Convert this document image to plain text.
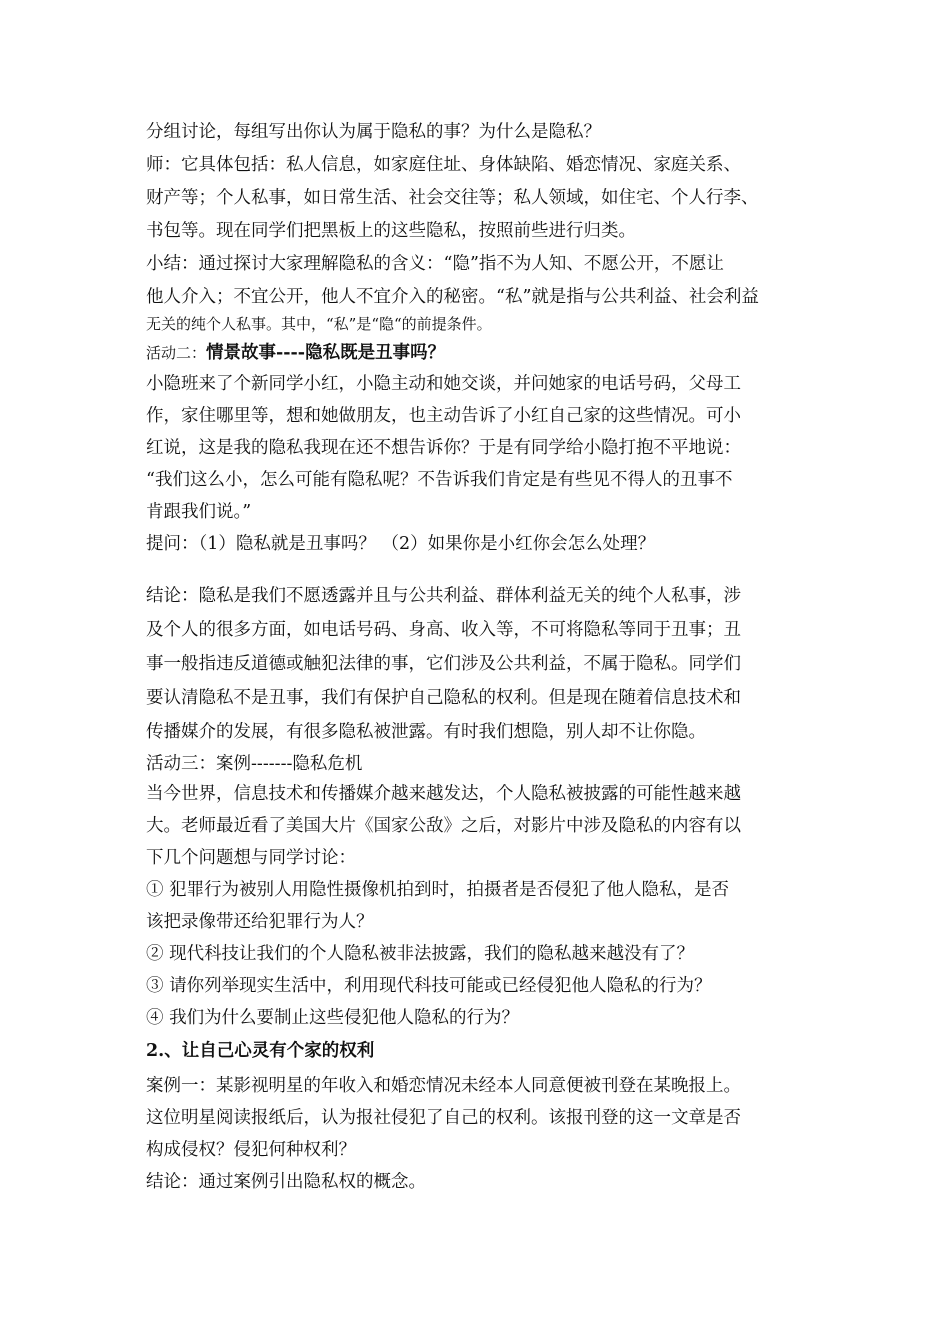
分组讨论，每组写出你认为属于隐私的事？为什么是隐私？
师：它具体包括：私人信息，如家庭住址、身体缺陷、婚恋情况、家庭关系、
财产等；个人私事，如日常生活、社会交往等；私人领域，如住宅、个人行李、
书包等。现在同学们把黑板上的这些隐私，按照前些进行归类。
小结：通过探讨大家理解隐私的含义：“隐”指不为人知、不愿公开，不愿让
他人介入；不宜公开，他人不宜介入的秘密。“私”就是指与公共利益、社会利益
无关的纯个人私事。其中，“私”是“隐“的前提条件。
活动二：情景故事----隐私既是丑事吗？
小隐班来了个新同学小红，小隐主动和她交谈，并问她家的电话号码，父母工
作，家住哪里等，想和她做朋友，也主动告诉了小红自己家的这些情况。可小
红说，这是我的隐私我现在还不想告诉你？于是有同学给小隐打抱不平地说：
“我们这么小，怎么可能有隐私呢？不告诉我们肯定是有些见不得人的丑事不
肯跟我们说。”
提问：（1）隐私就是丑事吗？ （2）如果你是小红你会怎么处理？
结论：隐私是我们不愿透露并且与公共利益、群体利益无关的纯个人私事，涉
及个人的很多方面，如电话号码、身高、收入等，不可将隐私等同于丑事；丑
事一般指违反道德或触犯法律的事，它们涉及公共利益，不属于隐私。同学们
要认清隐私不是丑事，我们有保护自己隐私的权利。但是现在随着信息技术和
传播媒介的发展，有很多隐私被泄露。有时我们想隐，别人却不让你隐。
活动三：案例-------隐私危机
当今世界，信息技术和传播媒介越来越发达，个人隐私被披露的可能性越来越
大。老师最近看了美国大片《国家公敌》之后，对影片中涉及隐私的内容有以
下几个问题想与同学讨论：
① 犯罪行为被别人用隐性摄像机拍到时，拍摄者是否侵犯了他人隐私，是否
该把录像带还给犯罪行为人？
② 现代科技让我们的个人隐私被非法披露，我们的隐私越来越没有了？
③ 请你列举现实生活中，利用现代科技可能或已经侵犯他人隐私的行为？
④ 我们为什么要制止这些侵犯他人隐私的行为？
2.、让自己心灵有个家的权利
案例一：某影视明星的年收入和婚恋情况未经本人同意便被刊登在某晚报上。
这位明星阅读报纸后，认为报社侵犯了自己的权利。该报刊登的这一文章是否
构成侵权？侵犯何种权利？
结论：通过案例引出隐私权的概念。
